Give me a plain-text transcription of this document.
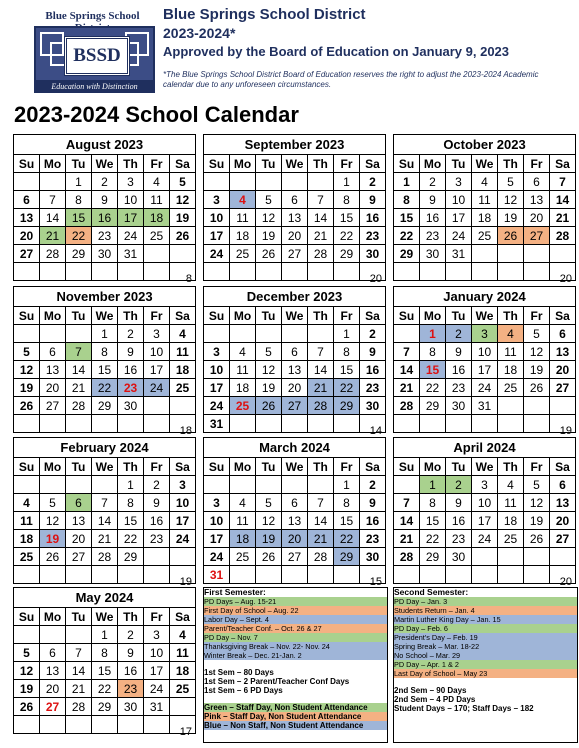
Blue Springs School
BSSD
Education with Distinction
Blue Springs School District
2023-2024*
Approved by the Board of Education on January 9, 2023
*The Blue Springs School District Board of Education reserves the right to adjust the 2023-2024 Academic calendar due to any unforeseen circumstances.
2023-2024 School Calendar
August 2023						
Su	Mo	Tu	We	Th	Fr	Sa
		1	2	3	4	5
6	7	8	9	10	11	12
13	14	15	16	17	18	19
20	21	22	23	24	25	26
27	28	29	30	31		

8
September 2023						
Su	Mo	Tu	We	Th	Fr	Sa
					1	2
3	4	5	6	7	8	9
10	11	12	13	14	15	16
17	18	19	20	21	22	23
24	25	26	27	28	29	30

20
October 2023						
Su	Mo	Tu	We	Th	Fr	Sa
1	2	3	4	5	6	7
8	9	10	11	12	13	14
15	16	17	18	19	20	21
22	23	24	25	26	27	28
29	30	31				

20
November 2023						
Su	Mo	Tu	We	Th	Fr	Sa
			1	2	3	4
5	6	7	8	9	10	11
12	13	14	15	16	17	18
19	20	21	22	23	24	25
26	27	28	29	30		

18
December 2023						
Su	Mo	Tu	We	Th	Fr	Sa
					1	2
3	4	5	6	7	8	9
10	11	12	13	14	15	16
17	18	19	20	21	22	23
24	25	26	27	28	29	30
31						
14
January 2024						
Su	Mo	Tu	We	Th	Fr	Sa
	1	2	3	4	5	6
7	8	9	10	11	12	13
14	15	16	17	18	19	20
21	22	23	24	25	26	27
28	29	30	31			

19
February 2024						
Su	Mo	Tu	We	Th	Fr	Sa
				1	2	3
4	5	6	7	8	9	10
11	12	13	14	15	16	17
18	19	20	21	22	23	24
25	26	27	28	29		

19
March 2024						
Su	Mo	Tu	We	Th	Fr	Sa
					1	2
3	4	5	6	7	8	9
10	11	12	13	14	15	16
17	18	19	20	21	22	23
24	25	26	27	28	29	30
31						
15
April 2024						
Su	Mo	Tu	We	Th	Fr	Sa
	1	2	3	4	5	6
7	8	9	10	11	12	13
14	15	16	17	18	19	20
21	22	23	24	25	26	27
28	29	30				

20
May 2024						
Su	Mo	Tu	We	Th	Fr	Sa
			1	2	3	4
5	6	7	8	9	10	11
12	13	14	15	16	17	18
19	20	21	22	23	24	25
26	27	28	29	30	31	

17
First Semester:
PD Days – Aug. 15-21
First Day of School – Aug. 22
Labor Day – Sept. 4
Parent/Teacher Conf. – Oct. 26 & 27
PD Day – Nov. 7
Thanksgiving Break – Nov. 22- Nov. 24
Winter Break – Dec. 21-Jan. 2
1st Sem – 80 Days
1st Sem – 2 Parent/Teacher Conf Days
1st Sem – 6 PD Days
Green – Staff Day, Non Student Attendance
Pink – Staff Day, Non Student Attendance
Blue – Non Staff, Non Student Attendance
Second Semester:
PD Day – Jan. 3
Students Return – Jan. 4
Martin Luther King Day – Jan. 15
PD Day – Feb. 6
President's Day – Feb. 19
Spring Break – Mar. 18-22
No School – Mar. 29
PD Day – Apr. 1 & 2
Last Day of School – May 23
2nd Sem – 90 Days
2nd Sem – 4 PD Days
Student Days – 170; Staff Days – 182
